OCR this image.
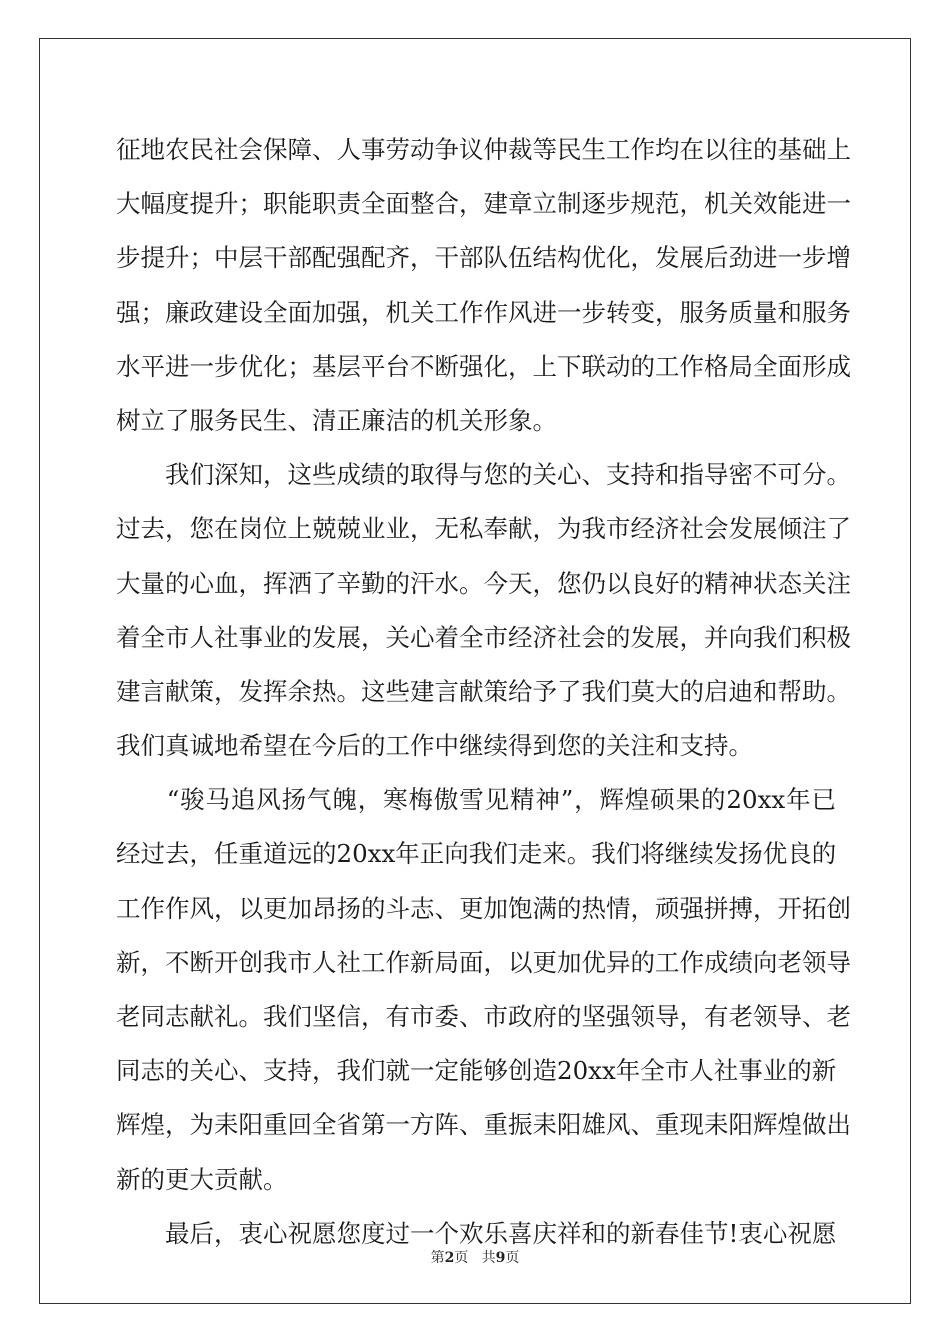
征地农民社会保障、人事劳动争议仲裁等民生工作均在以往的基础上
大幅度提升；职能职责全面整合，建章立制逐步规范，机关效能进一
步提升；中层干部配强配齐，干部队伍结构优化，发展后劲进一步增
强；廉政建设全面加强，机关工作作风进一步转变，服务质量和服务
水平进一步优化；基层平台不断强化，上下联动的工作格局全面形成
树立了服务民生、清正廉洁的机关形象。
　　我们深知，这些成绩的取得与您的关心、支持和指导密不可分。
过去，您在岗位上兢兢业业，无私奉献，为我市经济社会发展倾注了
大量的心血，挥洒了辛勤的汗水。今天，您仍以良好的精神状态关注
着全市人社事业的发展，关心着全市经济社会的发展，并向我们积极
建言献策，发挥余热。这些建言献策给予了我们莫大的启迪和帮助。
我们真诚地希望在今后的工作中继续得到您的关注和支持。
　　“骏马追风扬气魄，寒梅傲雪见精神”，辉煌硕果的20xx年已
经过去，任重道远的20xx年正向我们走来。我们将继续发扬优良的
工作作风，以更加昂扬的斗志、更加饱满的热情，顽强拼搏，开拓创
新，不断开创我市人社工作新局面，以更加优异的工作成绩向老领导
老同志献礼。我们坚信，有市委、市政府的坚强领导，有老领导、老
同志的关心、支持，我们就一定能够创造20xx年全市人社事业的新
辉煌，为耒阳重回全省第一方阵、重振耒阳雄风、重现耒阳辉煌做出
新的更大贡献。
　　最后，衷心祝愿您度过一个欢乐喜庆祥和的新春佳节!衷心祝愿
第2页 共9页
